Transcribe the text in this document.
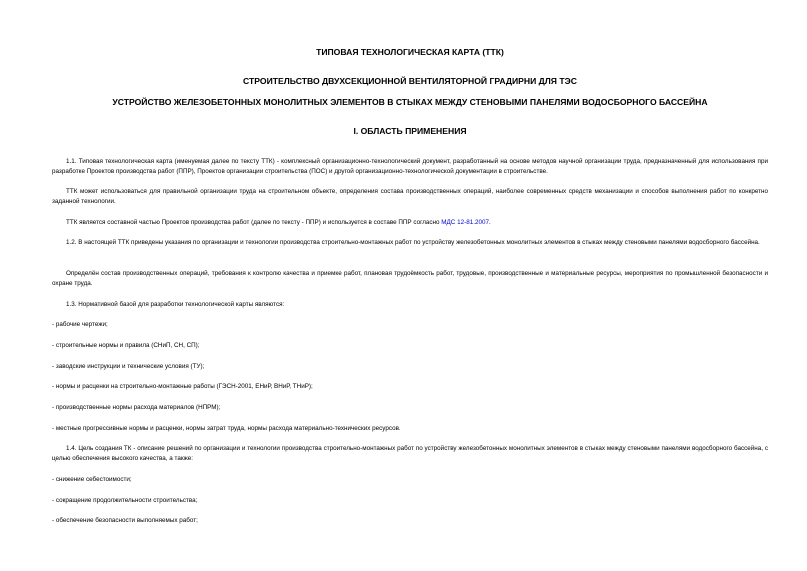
ТИПОВАЯ ТЕХНОЛОГИЧЕСКАЯ КАРТА (ТТК)
СТРОИТЕЛЬСТВО ДВУХСЕКЦИОННОЙ ВЕНТИЛЯТОРНОЙ ГРАДИРНИ ДЛЯ ТЭС
УСТРОЙСТВО ЖЕЛЕЗОБЕТОННЫХ МОНОЛИТНЫХ ЭЛЕМЕНТОВ В СТЫКАХ МЕЖДУ СТЕНОВЫМИ ПАНЕЛЯМИ ВОДОСБОРНОГО БАССЕЙНА
I. ОБЛАСТЬ ПРИМЕНЕНИЯ

1.1. Типовая технологическая карта (именуемая далее по тексту ТТК) - комплексный организационно-технологический документ, разработанный на основе методов научной организации труда, предназначенный для использования при разработке Проектов производства работ (ППР), Проектов организации строительства (ПОС) и другой организационно-технологической документации в строительстве.

ТТК может использоваться для правильной организации труда на строительном объекте, определения состава производственных операций, наиболее современных средств механизации и способов выполнения работ по конкретно заданной технологии.

ТТК является составной частью Проектов производства работ (далее по тексту - ППР) и используется в составе ППР согласно МДС 12-81.2007.

1.2. В настоящей ТТК приведены указания по организации и технологии производства строительно-монтажных работ по устройству железобетонных монолитных элементов в стыках между стеновыми панелями водосборного бассейна.

Определён состав производственных операций, требования к контролю качества и приемке работ, плановая трудоёмкость работ, трудовые, производственные и материальные ресурсы, мероприятия по промышленной безопасности и охране труда.

1.3. Нормативной базой для разработки технологической карты являются:

- рабочие чертежи;
- строительные нормы и правила (СНиП, СН, СП);
- заводские инструкции и технические условия (ТУ);
- нормы и расценки на строительно-монтажные работы (ГЭСН-2001, ЕНиР, ВНиР, ТНиР);
- производственные нормы расхода материалов (НПРМ);
- местные прогрессивные нормы и расценки, нормы затрат труда, нормы расхода материально-технических ресурсов.

1.4. Цель создания ТК - описание решений по организации и технологии производства строительно-монтажных работ по устройству железобетонных монолитных элементов в стыках между стеновыми панелями водосборного бассейна, с целью обеспечения высокого качества, а также:

- снижение себестоимости;
- сокращение продолжительности строительства;
- обеспечение безопасности выполняемых работ;
